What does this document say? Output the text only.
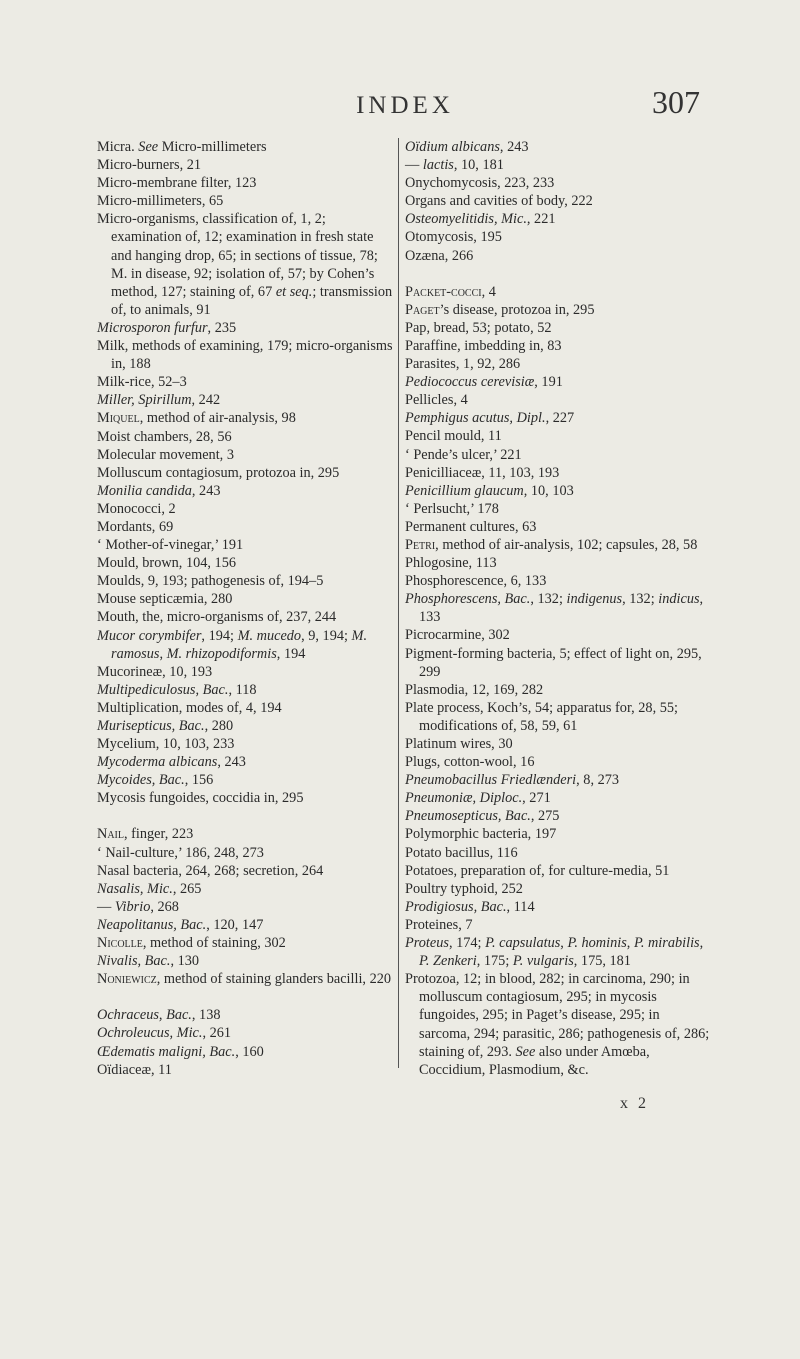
INDEX	307
Micra. See Micro-millimeters
Micro-burners, 21
Micro-membrane filter, 123
Micro-millimeters, 65
Micro-organisms, classification of, 1, 2; examination of, 12; examination in fresh state and hanging drop, 65; in sections of tissue, 78; M. in disease, 92; isolation of, 57; by Cohen’s method, 127; staining of, 67 et seq.; transmission of, to animals, 91
Microsporon furfur, 235
Milk, methods of examining, 179; micro-organisms in, 188
Milk-rice, 52–3
Miller, Spirillum, 242
Miquel, method of air-analysis, 98
Moist chambers, 28, 56
Molecular movement, 3
Molluscum contagiosum, protozoa in, 295
Monilia candida, 243
Monococci, 2
Mordants, 69
‘ Mother-of-vinegar,’ 191
Mould, brown, 104, 156
Moulds, 9, 193; pathogenesis of, 194–5
Mouse septicæmia, 280
Mouth, the, micro-organisms of, 237, 244
Mucor corymbifer, 194; M. mucedo, 9, 194; M. ramosus, M. rhizopodiformis, 194
Mucorineæ, 10, 193
Multipediculosus, Bac., 118
Multiplication, modes of, 4, 194
Murisepticus, Bac., 280
Mycelium, 10, 103, 233
Mycoderma albicans, 243
Mycoides, Bac., 156
Mycosis fungoides, coccidia in, 295
Nail, finger, 223
‘ Nail-culture,’ 186, 248, 273
Nasal bacteria, 264, 268; secretion, 264
Nasalis, Mic., 265
— Vibrio, 268
Neapolitanus, Bac., 120, 147
Nicolle, method of staining, 302
Nivalis, Bac., 130
Noniewicz, method of staining glanders bacilli, 220
Ochraceus, Bac., 138
Ochroleucus, Mic., 261
Œdematis maligni, Bac., 160
Oïdiaceæ, 11
Oïdium albicans, 243
— lactis, 10, 181
Onychomycosis, 223, 233
Organs and cavities of body, 222
Osteomyelitidis, Mic., 221
Otomycosis, 195
Ozæna, 266
Packet-cocci, 4
Paget’s disease, protozoa in, 295
Pap, bread, 53; potato, 52
Paraffine, imbedding in, 83
Parasites, 1, 92, 286
Pediococcus cerevisiæ, 191
Pellicles, 4
Pemphigus acutus, Dipl., 227
Pencil mould, 11
‘ Pende’s ulcer,’ 221
Penicilliaceæ, 11, 103, 193
Penicillium glaucum, 10, 103
‘ Perlsucht,’ 178
Permanent cultures, 63
Petri, method of air-analysis, 102; capsules, 28, 58
Phlogosine, 113
Phosphorescence, 6, 133
Phosphorescens, Bac., 132; indigenus, 132; indicus, 133
Picrocarmine, 302
Pigment-forming bacteria, 5; effect of light on, 295, 299
Plasmodia, 12, 169, 282
Plate process, Koch’s, 54; apparatus for, 28, 55; modifications of, 58, 59, 61
Platinum wires, 30
Plugs, cotton-wool, 16
Pneumobacillus Friedlænderi, 8, 273
Pneumoniæ, Diploc., 271
Pneumosepticus, Bac., 275
Polymorphic bacteria, 197
Potato bacillus, 116
Potatoes, preparation of, for culture-media, 51
Poultry typhoid, 252
Prodigiosus, Bac., 114
Proteines, 7
Proteus, 174; P. capsulatus, P. hominis, P. mirabilis, P. Zenkeri, 175; P. vulgaris, 175, 181
Protozoa, 12; in blood, 282; in carcinoma, 290; in molluscum contagiosum, 295; in mycosis fungoides, 295; in Paget’s disease, 295; in sarcoma, 294; parasitic, 286; pathogenesis of, 286; staining of, 293. See also under Amœba, Coccidium, Plasmodium, &c.
x 2
